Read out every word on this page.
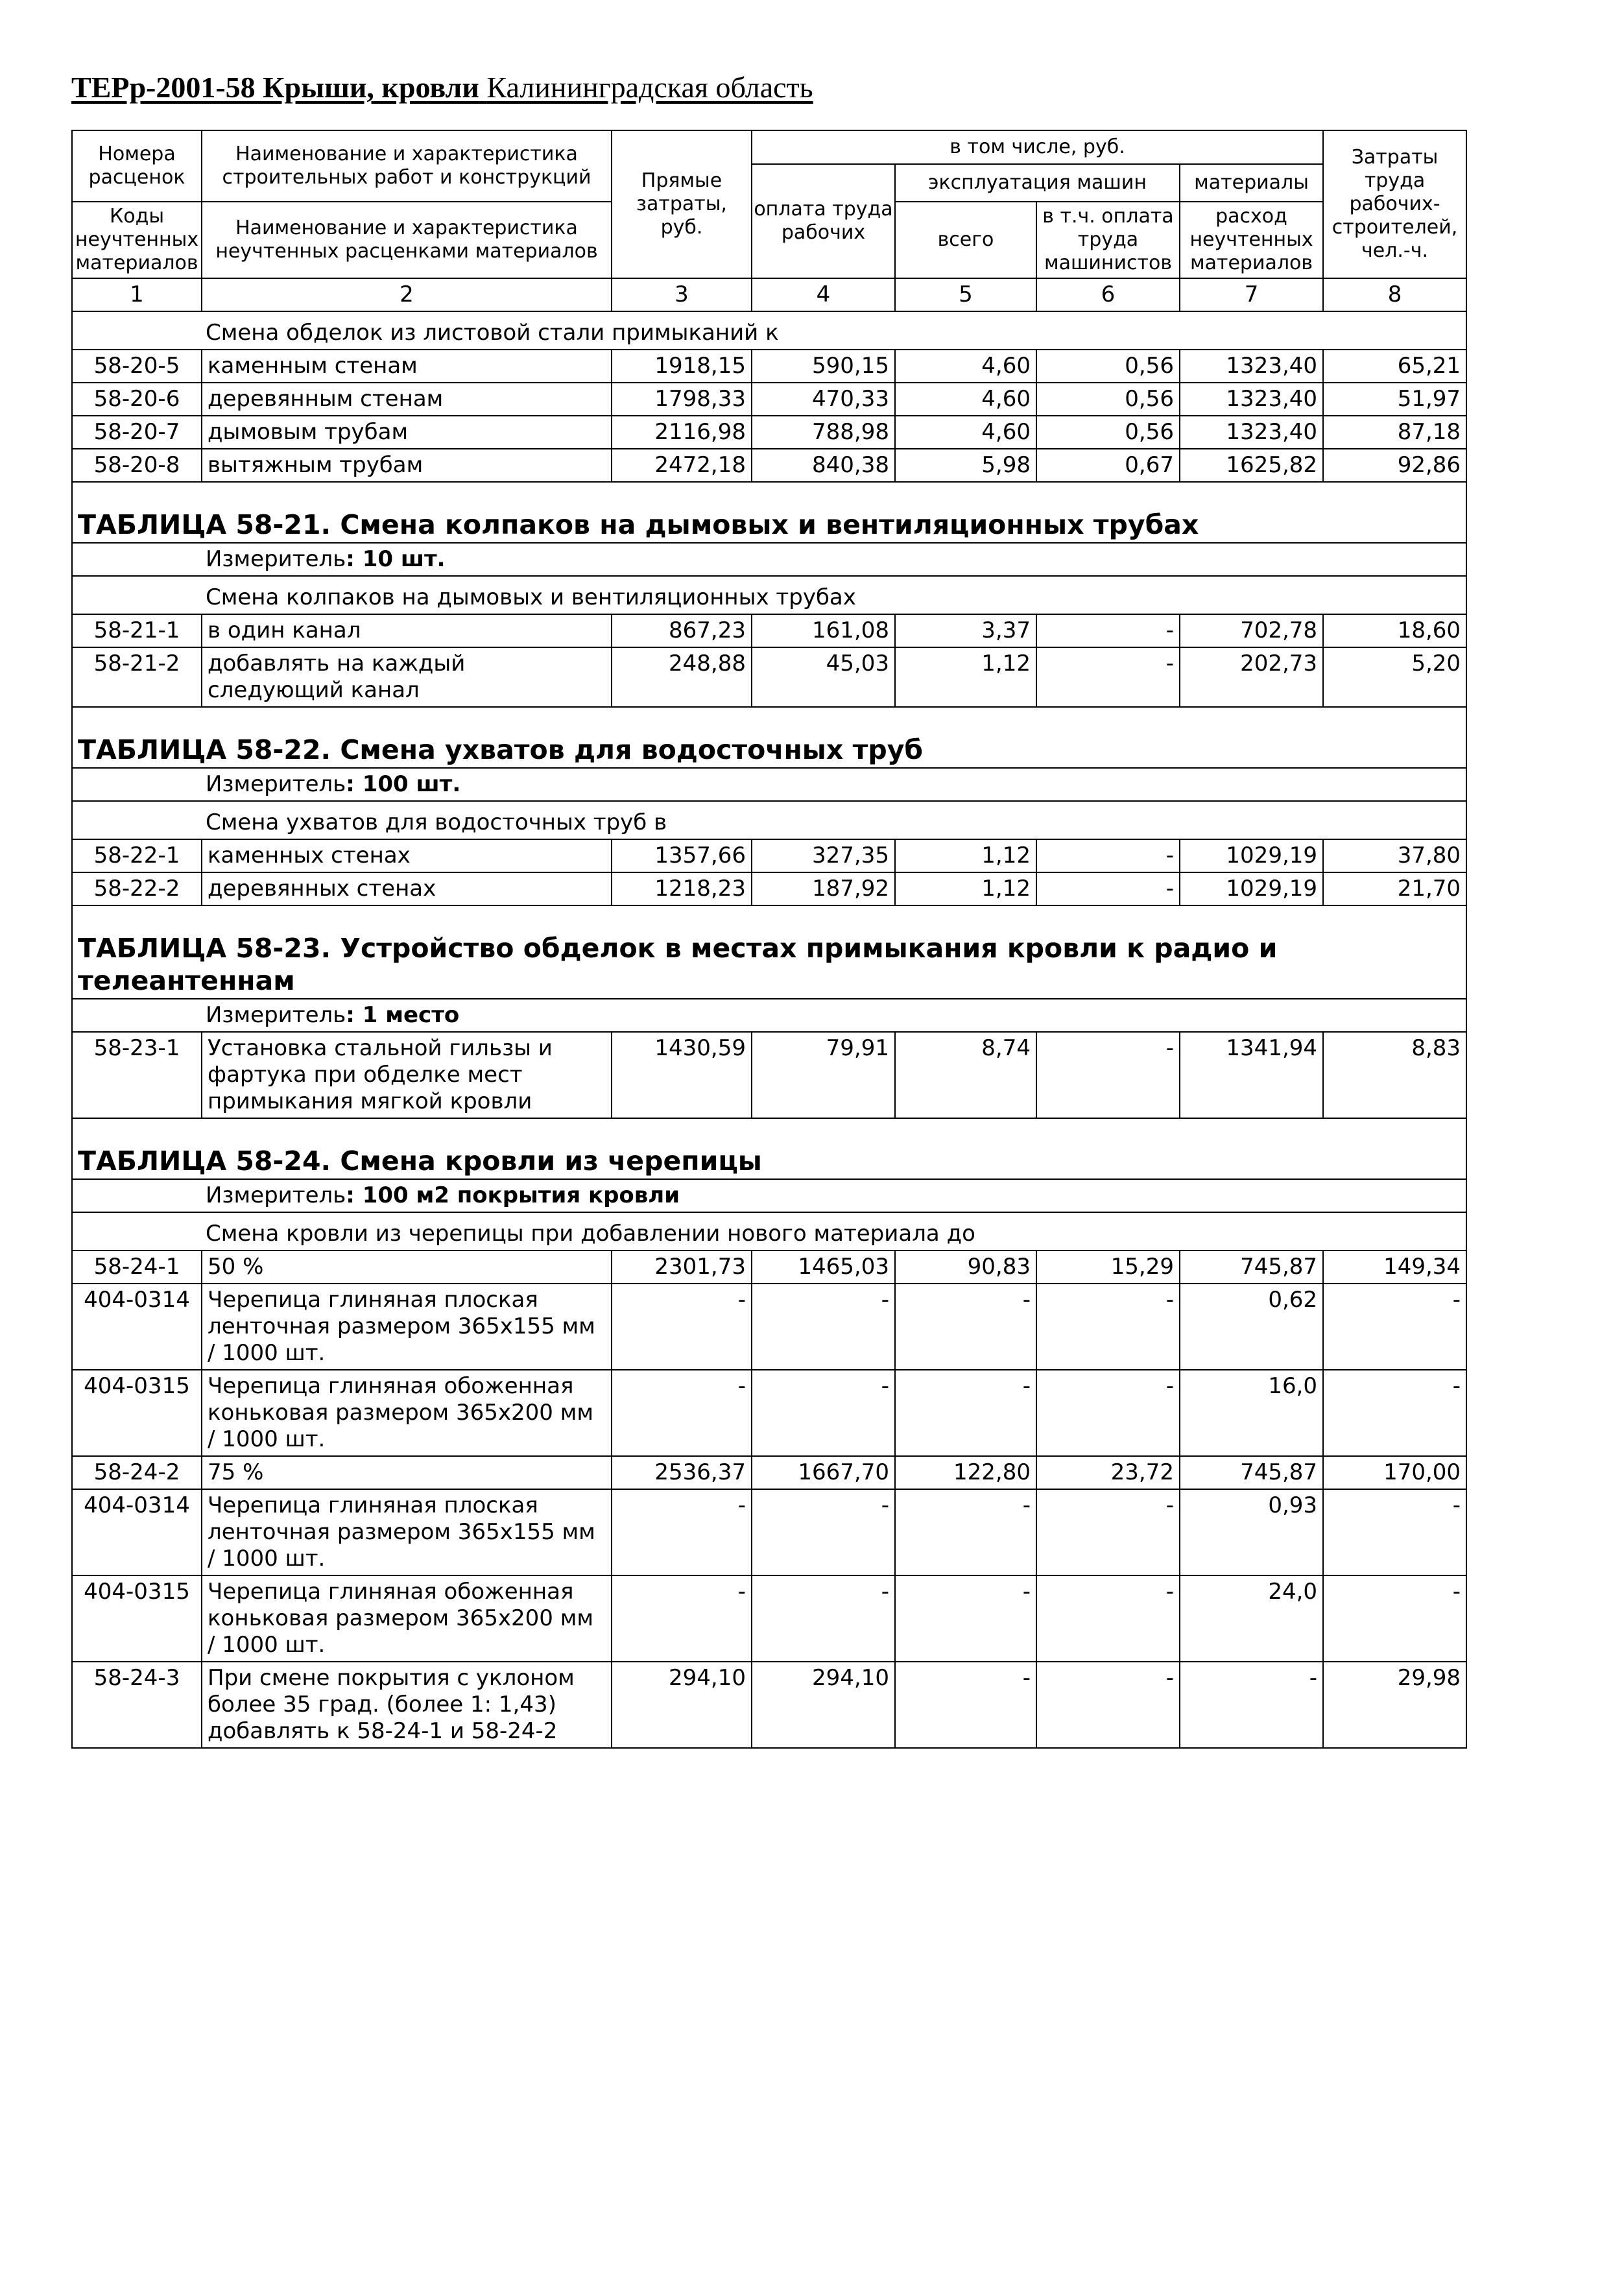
ТЕРр-2001-58 Крыши, кровли Калининградская область
Номера расценок	Наименование и характеристика строительных работ и конструкций	Прямые затраты, руб.	в том числе, руб.				Затраты труда рабочих-строителей, чел.-ч.
			оплата труда рабочих	эксплуатация машин		материалы	
Коды неучтенных материалов	Наименование и характеристика неучтенных расценками материалов			всего	в т.ч. оплата труда машинистов	расход неучтенных материалов	
1	2	3	4	5	6	7	8
Смена обделок из листовой стали примыканий к							
58-20-5	каменным стенам	1918,15	590,15	4,60	0,56	1323,40	65,21
58-20-6	деревянным стенам	1798,33	470,33	4,60	0,56	1323,40	51,97
58-20-7	дымовым трубам	2116,98	788,98	4,60	0,56	1323,40	87,18
58-20-8	вытяжным трубам	2472,18	840,38	5,98	0,67	1625,82	92,86
ТАБЛИЦА 58-21. Смена колпаков на дымовых и вентиляционных трубах							
Измеритель: 10 шт.							
Смена колпаков на дымовых и вентиляционных трубах							
58-21-1	в один канал	867,23	161,08	3,37	-	702,78	18,60
58-21-2	добавлять на каждый следующий канал	248,88	45,03	1,12	-	202,73	5,20
ТАБЛИЦА 58-22. Смена ухватов для водосточных труб							
Измеритель: 100 шт.							
Смена ухватов для водосточных труб в							
58-22-1	каменных стенах	1357,66	327,35	1,12	-	1029,19	37,80
58-22-2	деревянных стенах	1218,23	187,92	1,12	-	1029,19	21,70
ТАБЛИЦА 58-23. Устройство обделок в местах примыкания кровли к радио и телеантеннам							
Измеритель: 1 место							
58-23-1	Установка стальной гильзы и фартука при обделке мест примыкания мягкой кровли	1430,59	79,91	8,74	-	1341,94	8,83
ТАБЛИЦА 58-24. Смена кровли из черепицы							
Измеритель: 100 м2 покрытия кровли							
Смена кровли из черепицы при добавлении нового материала до							
58-24-1	50 %	2301,73	1465,03	90,83	15,29	745,87	149,34
404-0314	Черепица глиняная плоская ленточная размером 365х155 мм / 1000 шт.	-	-	-	-	0,62	-
404-0315	Черепица глиняная обоженная коньковая размером 365х200 мм / 1000 шт.	-	-	-	-	16,0	-
58-24-2	75 %	2536,37	1667,70	122,80	23,72	745,87	170,00
404-0314	Черепица глиняная плоская ленточная размером 365х155 мм / 1000 шт.	-	-	-	-	0,93	-
404-0315	Черепица глиняная обоженная коньковая размером 365х200 мм / 1000 шт.	-	-	-	-	24,0	-
58-24-3	При смене покрытия с уклоном более 35 град. (более 1: 1,43) добавлять к 58-24-1 и 58-24-2	294,10	294,10	-	-	-	29,98
